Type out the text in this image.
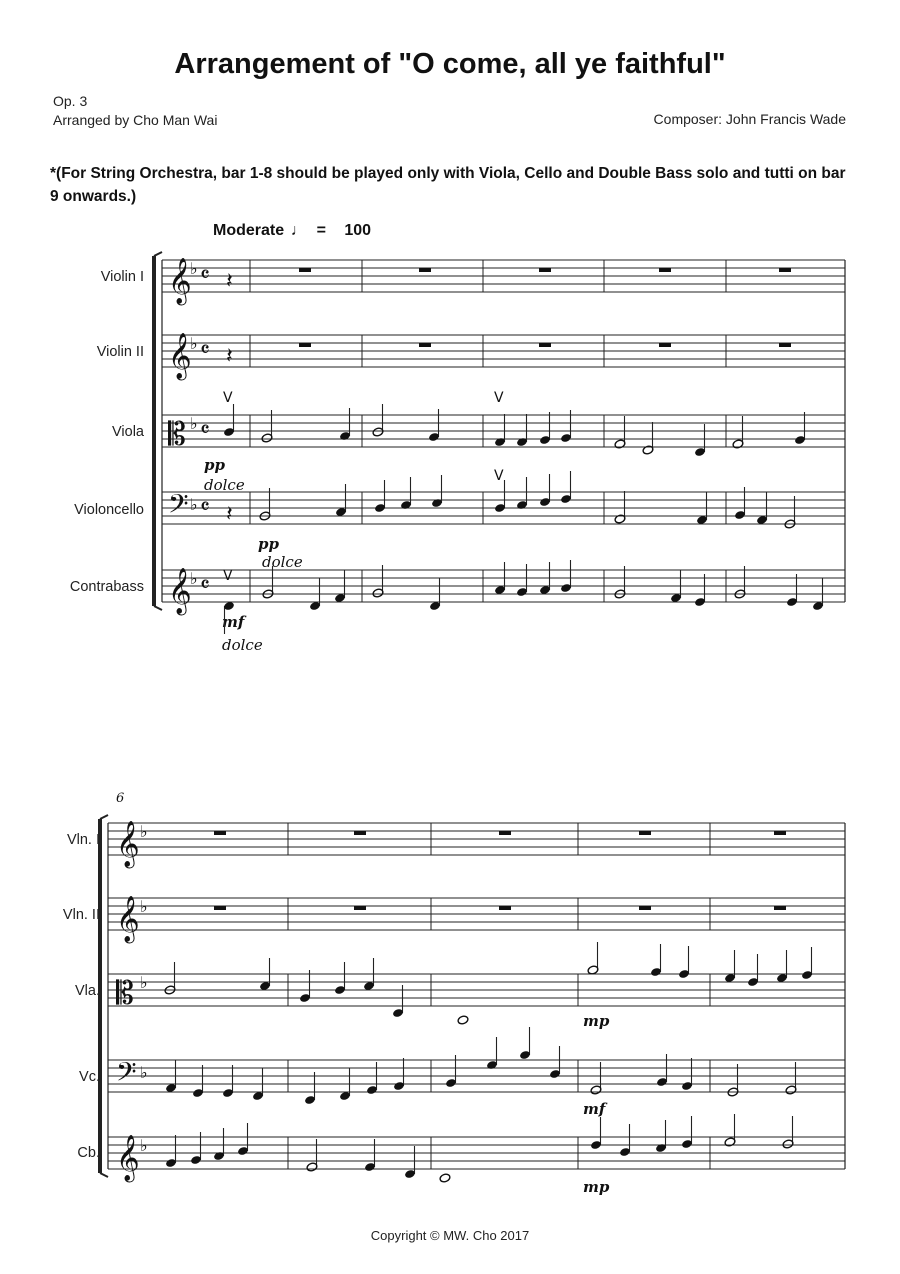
Arrangement of "O come, all ye faithful"
Op. 3
Arranged by Cho Man Wai	Composer: John Francis Wade
*(For String Orchestra, bar 1-8 should be played only with Viola, Cello and Double Bass solo and tutti on bar 9 onwards.)
Moderate ♩ = 100
Violin I
Violin II
Viola
Violoncello
Contrabass
6
Vln. I
Vln. II
Vla.
Vc.
Cb.
pp
dolce
pp
dolce
mf
dolce
mp
mf
mp
Copyright © MW. Cho 2017
𝄞
♭ 𝄴
𝄞
♭ 𝄴
𝄡 ♭ 𝄴
𝄢 ♭ 𝄴
𝄞
♭ 𝄴
𝄞 ♭
𝄞 ♭
𝄡 ♭
𝄢 ♭
𝄞 ♭
𝄽
𝄽
𝄽
V	V
V
V
